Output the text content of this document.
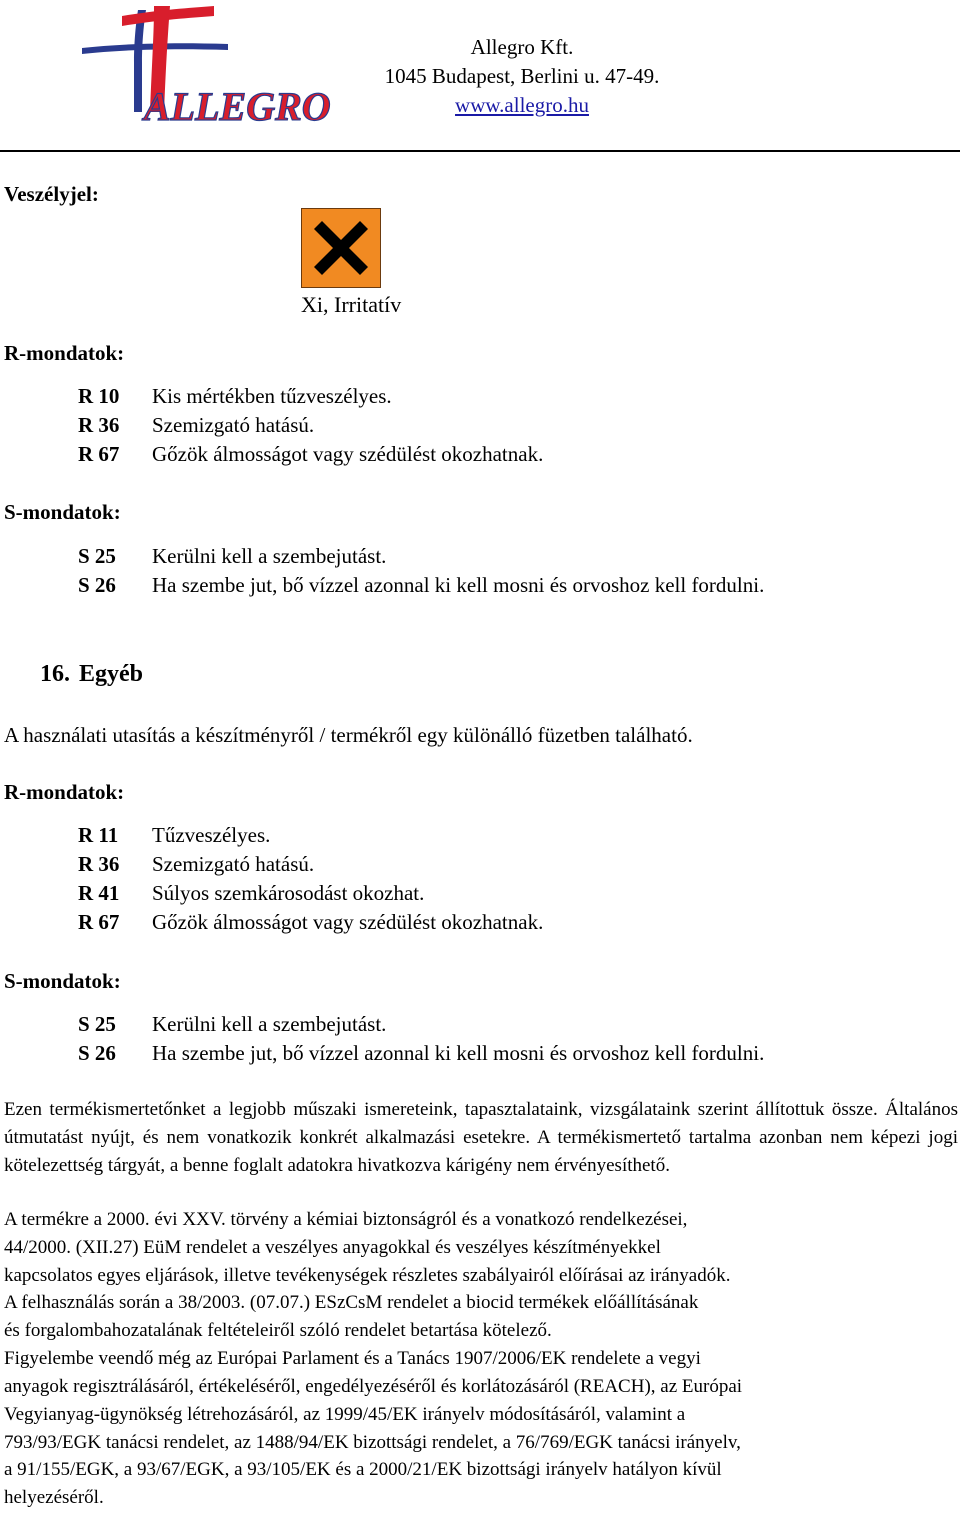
ALLEGRO
Allegro Kft.
1045 Budapest, Berlini u. 47-49.
www.allegro.hu
Veszélyjel:
Xi, Irritatív
R-mondatok:
R 10 Kis mértékben tűzveszélyes.
R 36 Szemizgató hatású.
R 67 Gőzök álmosságot vagy szédülést okozhatnak.
S-mondatok:
S 25 Kerülni kell a szembejutást.
S 26 Ha szembe jut, bő vízzel azonnal ki kell mosni és orvoshoz kell fordulni.
16. Egyéb
A használati utasítás a készítményről / termékről egy különálló füzetben található.
R-mondatok:
R 11 Tűzveszélyes.
R 36 Szemizgató hatású.
R 41 Súlyos szemkárosodást okozhat.
R 67 Gőzök álmosságot vagy szédülést okozhatnak.
S-mondatok:
S 25 Kerülni kell a szembejutást.
S 26 Ha szembe jut, bő vízzel azonnal ki kell mosni és orvoshoz kell fordulni.
Ezen termékismertetőnket a legjobb műszaki ismereteink, tapasztalataink, vizsgálataink szerint állítottuk össze. Általános útmutatást nyújt, és nem vonatkozik konkrét alkalmazási esetekre. A termékismertető tartalma azonban nem képezi jogi kötelezettség tárgyát, a benne foglalt adatokra hivatkozva kárigény nem érvényesíthető.
A termékre a 2000. évi XXV. törvény a kémiai biztonságról és a vonatkozó rendelkezései,
44/2000. (XII.27) EüM rendelet a veszélyes anyagokkal és veszélyes készítményekkel
kapcsolatos egyes eljárások, illetve tevékenységek részletes szabályairól előírásai az irányadók.
A felhasználás során a 38/2003. (07.07.) ESzCsM rendelet a biocid termékek előállításának
és forgalombahozatalának feltételeiről szóló rendelet betartása kötelező.
Figyelembe veendő még az Európai Parlament és a Tanács 1907/2006/EK rendelete a vegyi
anyagok regisztrálásáról, értékeléséről, engedélyezéséről és korlátozásáról (REACH), az Európai
Vegyianyag-ügynökség létrehozásáról, az 1999/45/EK irányelv módosításáról, valamint a
793/93/EGK tanácsi rendelet, az 1488/94/EK bizottsági rendelet, a 76/769/EGK tanácsi irányelv,
a 91/155/EGK, a 93/67/EGK, a 93/105/EK és a 2000/21/EK bizottsági irányelv hatályon kívül
helyezéséről.
